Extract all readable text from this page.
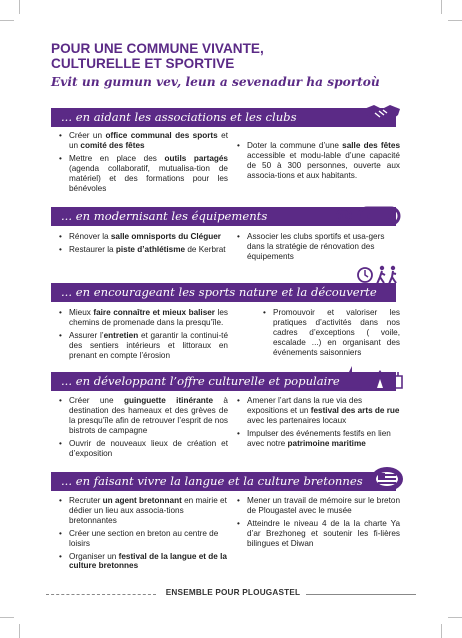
POUR UNE COMMUNE VIVANTE,
CULTURELLE ET SPORTIVE
Evit un gumun vev, leun a sevenadur ha sportoù
... en aidant les associations et les clubs
• Créer un office communal des sports et un comité des fêtes
• Mettre en place des outils partagés (agenda collaboratif, mutualisa-tion de matériel) et des formations pour les bénévoles
• Doter la commune d’une salle des fêtes accessible et modu-lable d’une capacité de 50 à 300 personnes, ouverte aux associa-tions et aux habitants.
... en modernisant les équipements
• Rénover la salle omnisports du Cléguer
• Restaurer la piste d’athlétisme de Kerbrat
• Associer les clubs sportifs et usa-gers dans la stratégie de rénovation des équipements
... en encourageant les sports nature et la découverte
• Mieux faire connaître et mieux baliser les chemins de promenade dans la presqu’île.
• Assurer l’entretien et garantir la continui-té des sentiers intérieurs et littoraux en prenant en compte l’érosion
• Promouvoir et valoriser les pratiques d’activités dans nos cadres d’exceptions ( voile, escalade ...) en organisant des événements saisonniers
... en développant l’offre culturelle et populaire
• Créer une guinguette itinérante à destination des hameaux et des grèves de la presqu’île afin de retrouver l’esprit de nos bistrots de campagne
• Ouvrir de nouveaux lieux de création et d’exposition
• Amener l’art dans la rue via des expositions et un festival des arts de rue avec les partenaires locaux
• Impulser des événements festifs en lien avec notre patrimoine maritime
... en faisant vivre la langue et la culture bretonnes
• Recruter un agent bretonnant en mairie et dédier un lieu aux associa-tions bretonnantes
• Créer une section en breton au centre de loisirs
• Organiser un festival de la langue et de la culture bretonnes
• Mener un travail de mémoire sur le breton de Plougastel avec le musée
• Atteindre le niveau 4 de la la charte Ya d’ar Brezhoneg et soutenir les fi-lières bilingues et Diwan
ENSEMBLE POUR PLOUGASTEL
